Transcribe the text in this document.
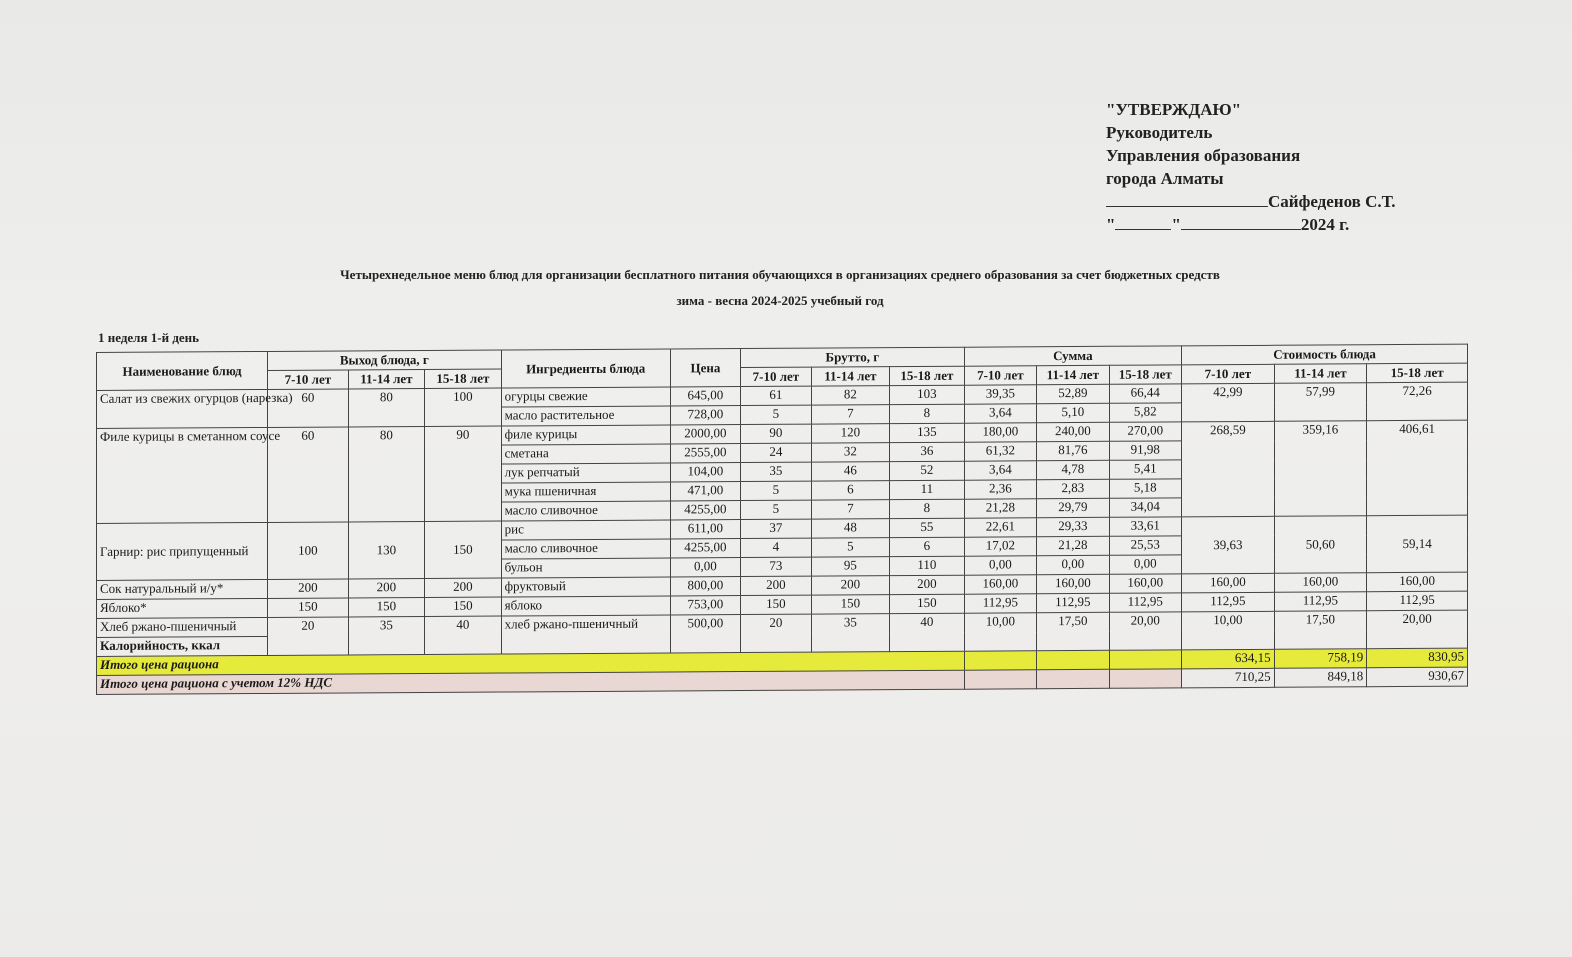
"УТВЕРЖДАЮ"
Руководитель
Управления образования
города Алматы
Сайфеденов С.Т.
"	"	2024 г.
Четырехнедельное меню блюд для организации бесплатного питания обучающихся в организациях среднего образования за счет бюджетных средств
зима - весна 2024-2025 учебный год
1 неделя 1-й день
Наименование блюд	Выход блюда, г			Ингредиенты блюда	Цена	Брутто, г			Сумма			Стоимость блюда		
	7-10 лет	11-14 лет	15-18 лет			7-10 лет	11-14 лет	15-18 лет	7-10 лет	11-14 лет	15-18 лет	7-10 лет	11-14 лет	15-18 лет
Салат из свежих огурцов (нарезка)	60	80	100	огурцы свежие	645,00	61	82	103	39,35	52,89	66,44	42,99	57,99	72,26
				масло растительное	728,00	5	7	8	3,64	5,10	5,82			
Филе курицы в сметанном соусе	60	80	90	филе курицы	2000,00	90	120	135	180,00	240,00	270,00	268,59	359,16	406,61
				сметана	2555,00	24	32	36	61,32	81,76	91,98			
				лук репчатый	104,00	35	46	52	3,64	4,78	5,41			
				мука пшеничная	471,00	5	6	11	2,36	2,83	5,18			
				масло сливочное	4255,00	5	7	8	21,28	29,79	34,04			
Гарнир: рис припущенный	100	130	150	рис	611,00	37	48	55	22,61	29,33	33,61	39,63	50,60	59,14
				масло сливочное	4255,00	4	5	6	17,02	21,28	25,53			
				бульон	0,00	73	95	110	0,00	0,00	0,00			
Сок натуральный и/у*	200	200	200	фруктовый	800,00	200	200	200	160,00	160,00	160,00	160,00	160,00	160,00
Яблоко*	150	150	150	яблоко	753,00	150	150	150	112,95	112,95	112,95	112,95	112,95	112,95
Хлеб ржано-пшеничный	20	35	40	хлеб ржано-пшеничный	500,00	20	35	40	10,00	17,50	20,00	10,00	17,50	20,00
Калорийность, ккал														
Итого цена рациона												634,15	758,19	830,95
Итого цена рациона с учетом 12% НДС												710,25	849,18	930,67
